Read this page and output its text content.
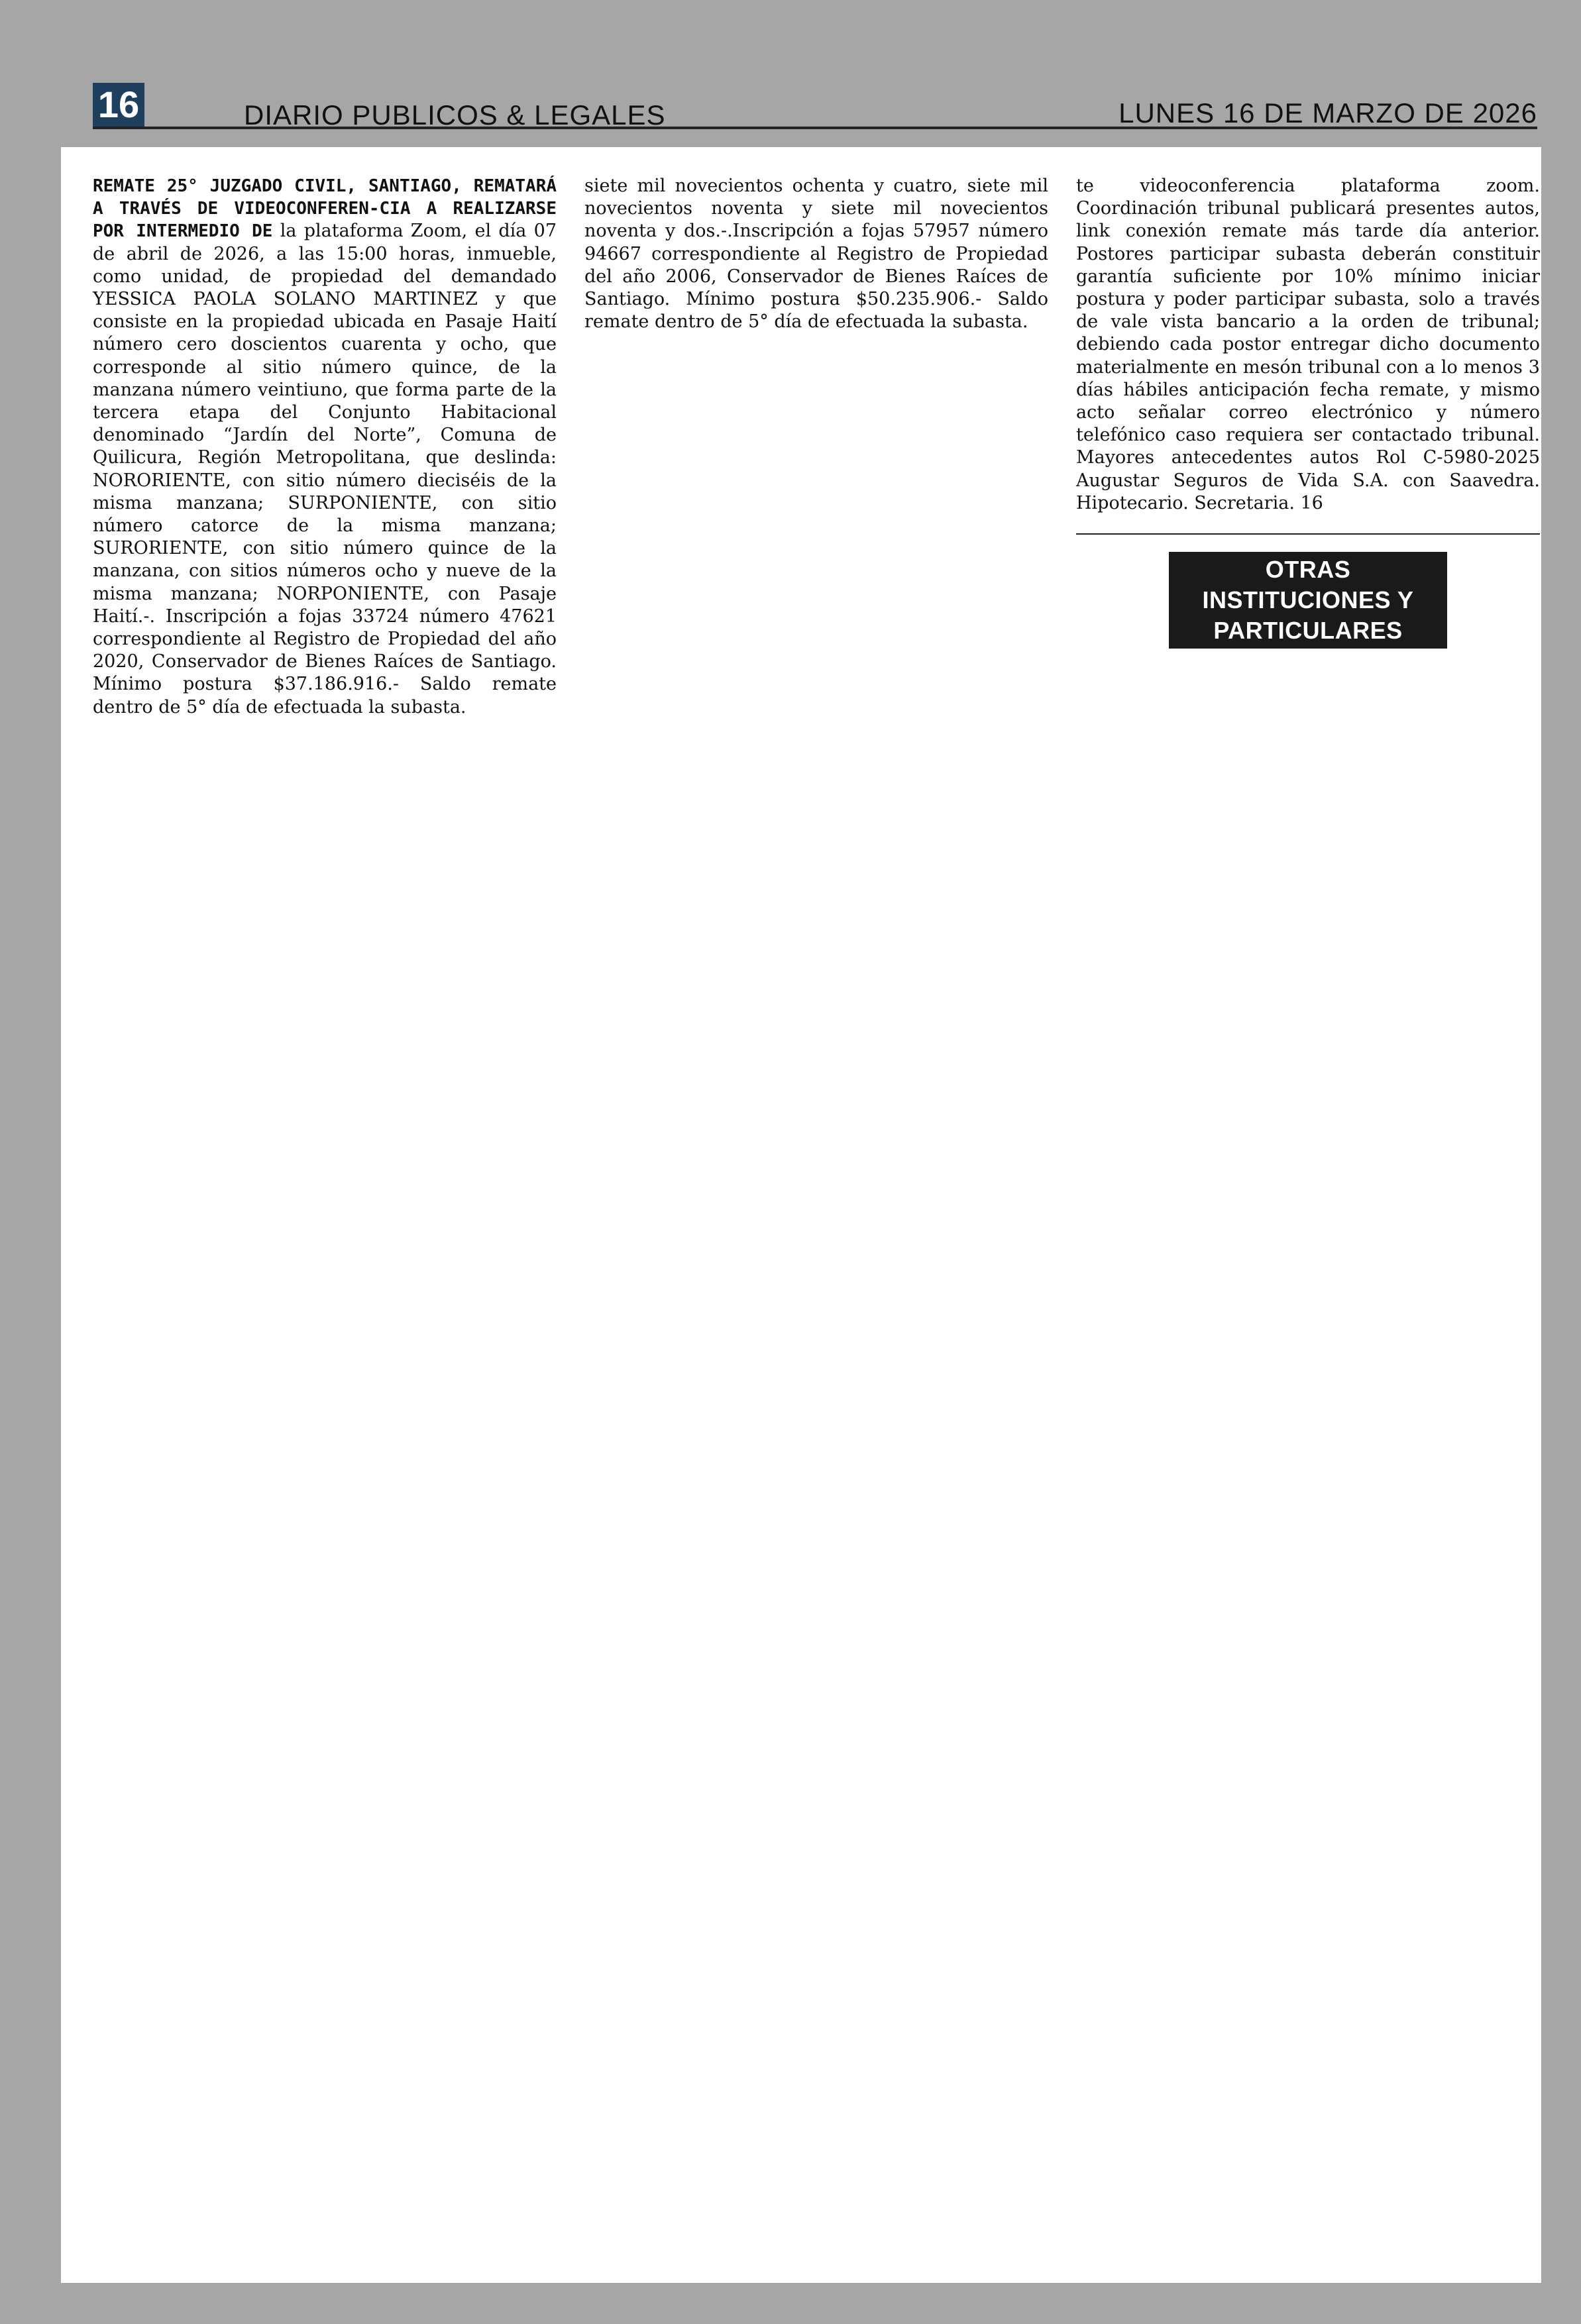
16	DIARIO PUBLICOS & LEGALES	LUNES 16 DE MARZO DE 2026

REMATE 25° JUZGADO CIVIL, SANTIAGO, REMATARÁ A TRAVÉS DE VIDEOCONFEREN-CIA A REALIZARSE POR INTERMEDIO DE la plataforma Zoom, el día 07 de abril de 2026, a las 15:00 horas, inmueble, como unidad, de propiedad del demandado YESSICA PAOLA SOLANO MARTINEZ y que consiste en la propiedad ubicada en Pasaje Haití número cero doscientos cuarenta y ocho, que corresponde al sitio número quince, de la manzana número veintiuno, que forma parte de la tercera etapa del Conjunto Habitacional denominado “Jardín del Norte”, Comuna de Quilicura, Región Metropolitana, que deslinda: NORORIENTE, con sitio número dieciséis de la misma manzana; SURPONIENTE, con sitio número catorce de la misma manzana; SURORIENTE, con sitio número quince de la manzana, con sitios números ocho y nueve de la misma manzana; NORPONIENTE, con Pasaje Haití.-. Inscripción a fojas 33724 número 47621 correspondiente al Registro de Propiedad del año 2020, Conservador de Bienes Raíces de Santiago. Mínimo postura $37.186.916.- Saldo remate dentro de 5° día de efectuada la subasta.

siete mil novecientos ochenta y cuatro, siete mil novecientos noventa y siete mil novecientos noventa y dos.-.Inscripción a fojas 57957 número 94667 correspondiente al Registro de Propiedad del año 2006, Conservador de Bienes Raíces de Santiago. Mínimo postura $50.235.906.- Saldo remate dentro de 5° día de efectuada la subasta.

te videoconferencia plataforma zoom. Coordinación tribunal publicará presentes autos, link conexión remate más tarde día anterior. Postores participar subasta deberán constituir garantía suficiente por 10% mínimo iniciar postura y poder participar subasta, solo a través de vale vista bancario a la orden de tribunal; debiendo cada postor entregar dicho documento materialmente en mesón tribunal con a lo menos 3 días hábiles anticipación fecha remate, y mismo acto señalar correo electrónico y número telefónico caso requiera ser contactado tribunal. Mayores antecedentes autos Rol C-5980-2025 Augustar Seguros de Vida S.A. con Saavedra. Hipotecario. Secretaria. 16

OTRAS INSTITUCIONES Y PARTICULARES
